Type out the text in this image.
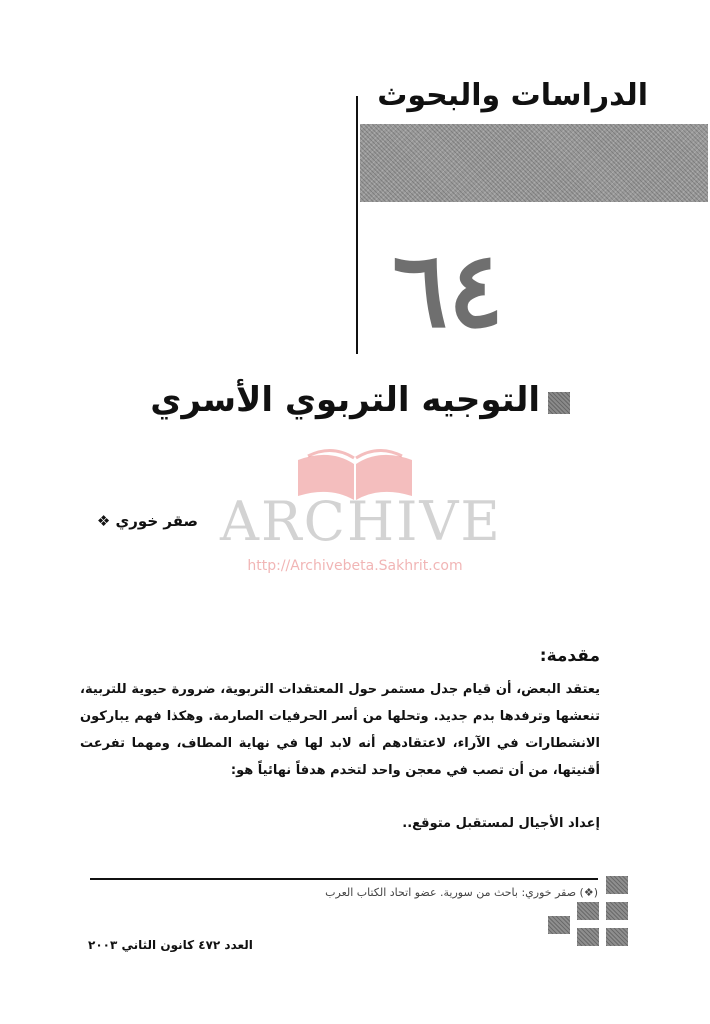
الدراسات والبحوث
٦٤
التوجيه التربوي الأسري
صقر خوري ❖ ARCHIVE
http://Archivebeta.Sakhrit.com
مقدمة:
يعتقد البعض، أن قيام جدل مستمر حول المعتقدات التربوية، ضرورة حيوية للتربية، تنعشها وترفدها بدم جديد. وتحلها من أسر الحرفيات الصارمة. وهكذا فهم يباركون الانشطارات في الآراء، لاعتقادهم أنه لابد لها في نهاية المطاف، ومهما تفرعت أقنيتها، من أن تصب في معجن واحد لتخدم هدفاً نهائياً هو:
إعداد الأجيال لمستقبل متوقع..
(❖) صقر خوري: باحث من سورية. عضو اتحاد الكتاب العرب
العدد ٤٧٢ كانون الثاني ٢٠٠٣
